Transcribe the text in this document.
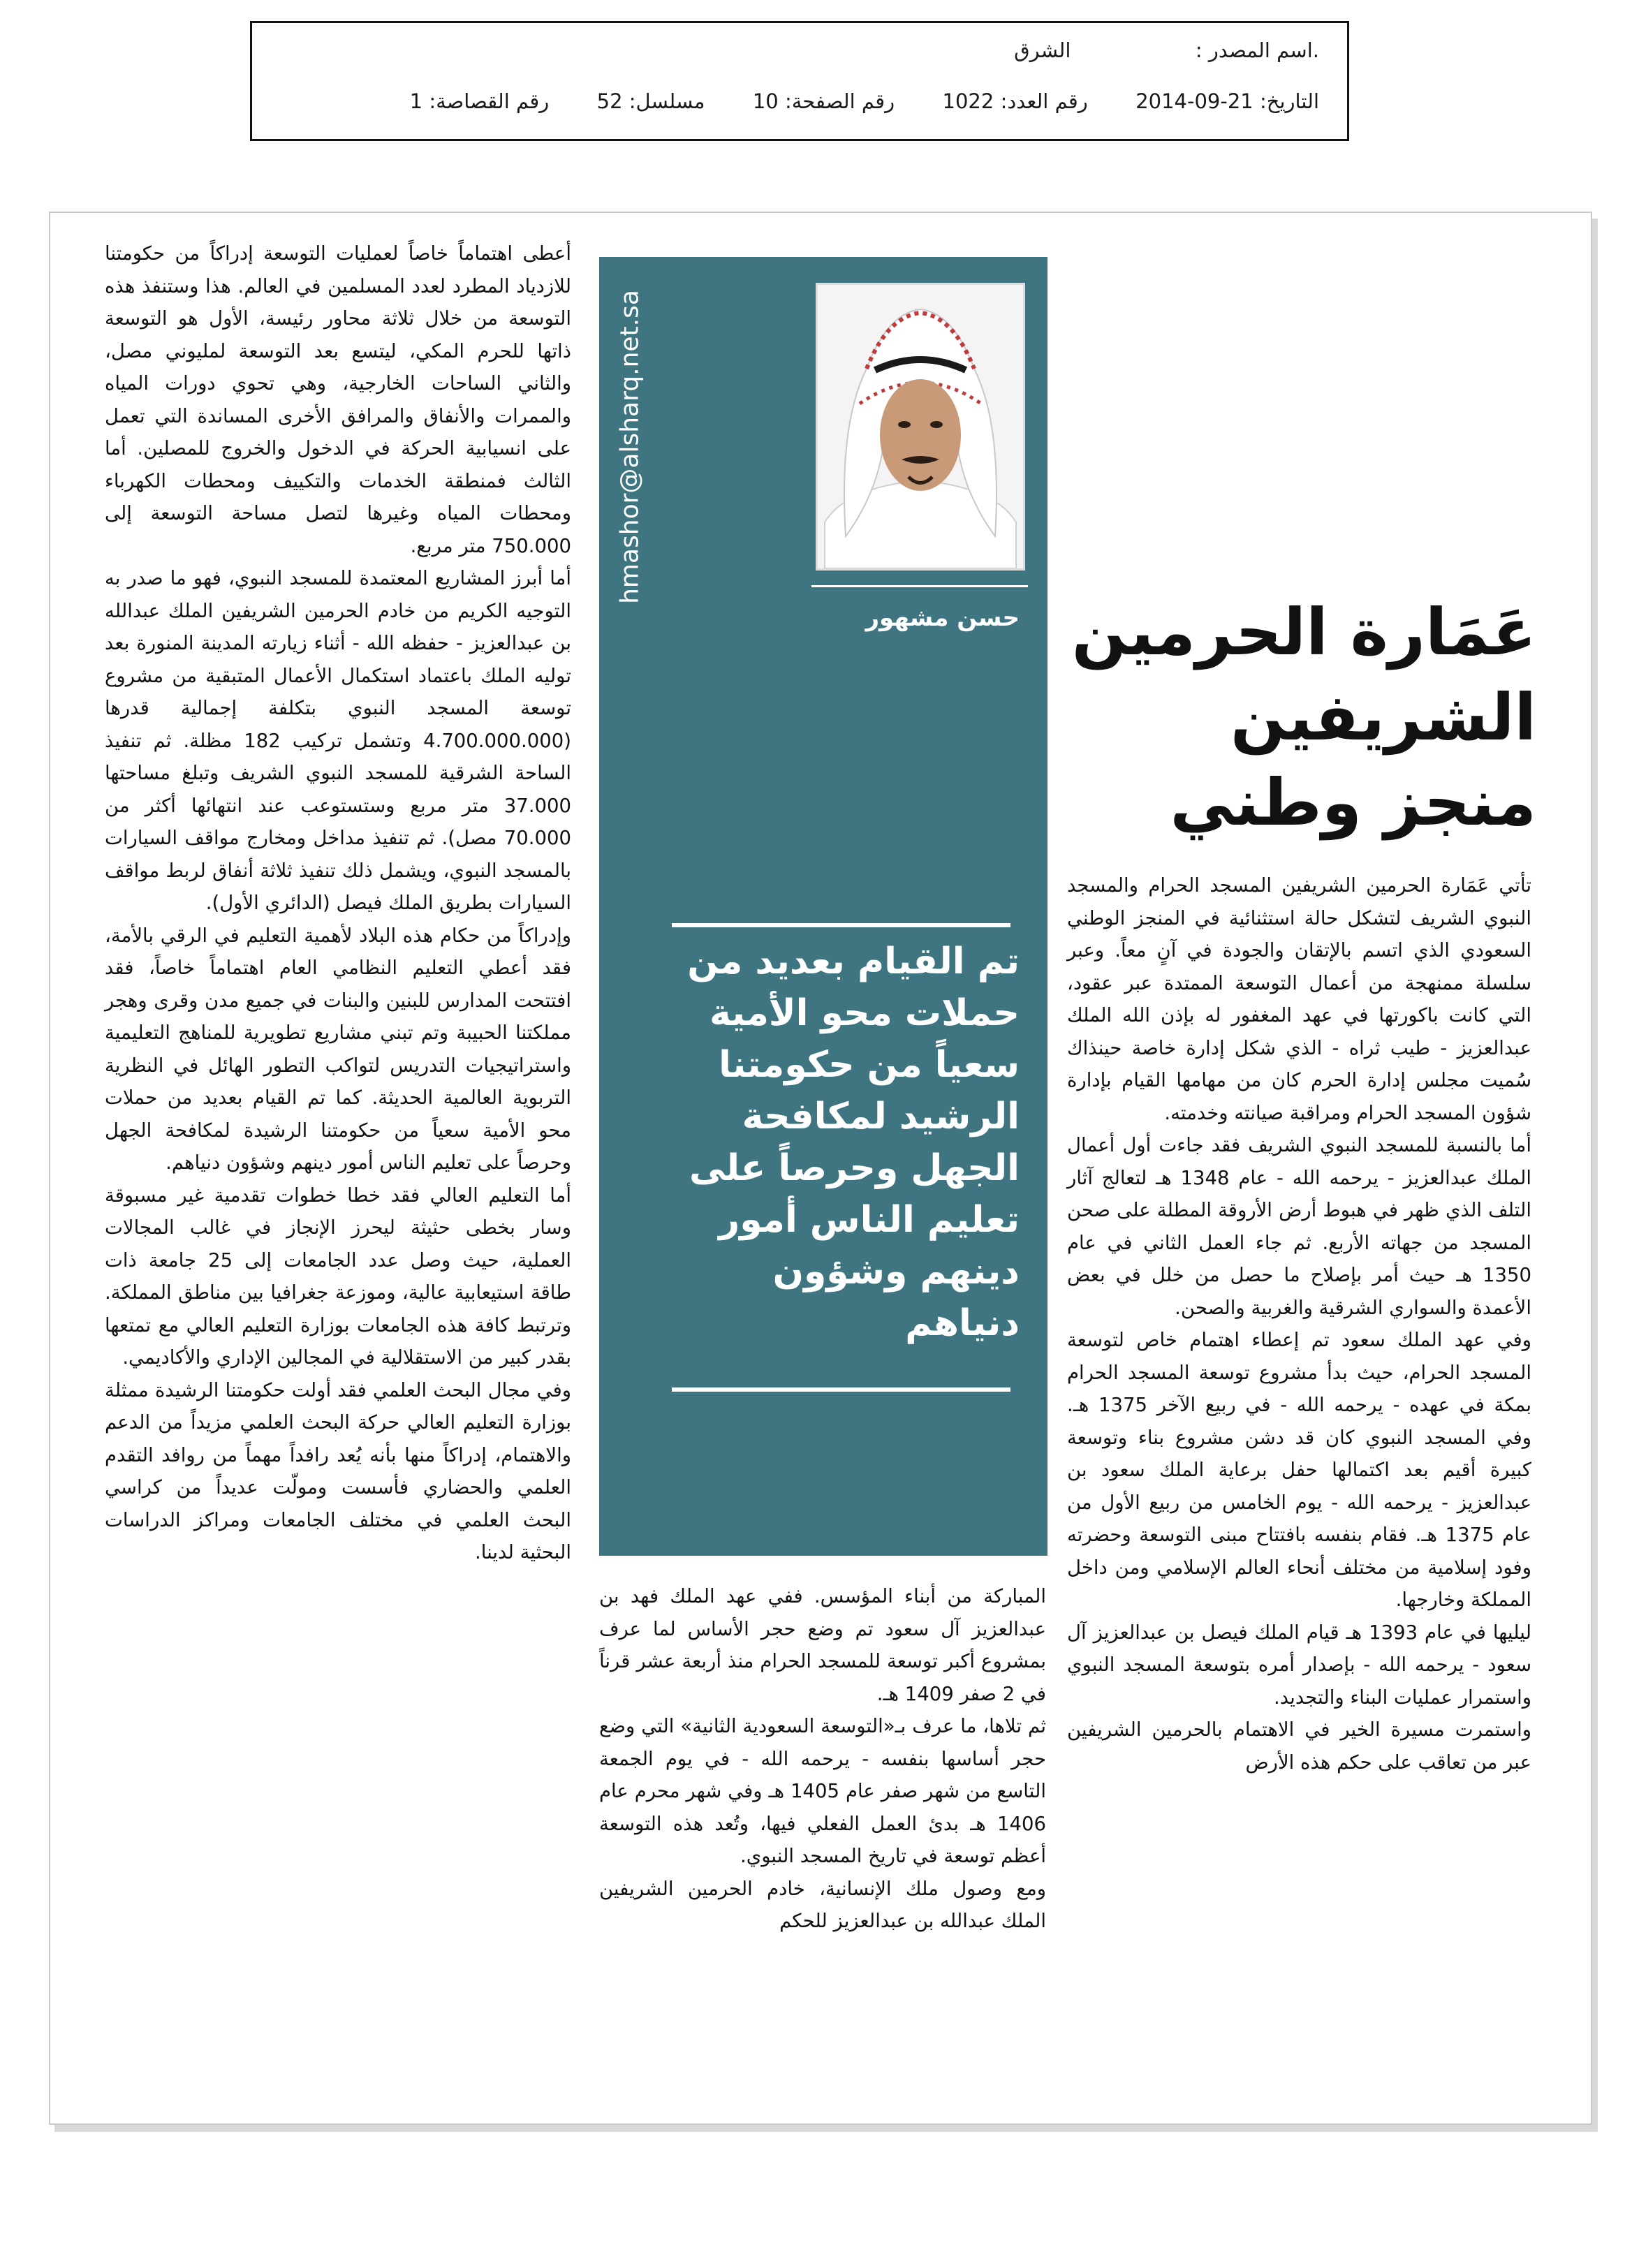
.اسم المصدر :  الشرق
التاريخ: 2014-09-21  رقم العدد: 1022  رقم الصفحة: 10  مسلسل: 52  رقم القصاصة: 1
عَمَارة الحرمين
الشريفين
منجز وطني
حسن مشهور
hmashor@alsharq.net.sa
تم القيام بعديد من
حملات محو الأمية
سعياً من حكومتنا
الرشيد لمكافحة
الجهل وحرصاً على
تعليم الناس أمور
دينهم وشؤون
دنياهم

تأتي عَمَارة الحرمين الشريفين المسجد الحرام والمسجد النبوي الشريف لتشكل حالة استثنائية في المنجز الوطني السعودي الذي اتسم بالإتقان والجودة في آنٍ معاً. وعبر سلسلة ممنهجة من أعمال التوسعة الممتدة عبر عقود، التي كانت باكورتها في عهد المغفور له بإذن الله الملك عبدالعزيز - طيب ثراه - الذي شكل إدارة خاصة حينذاك سُميت مجلس إدارة الحرم كان من مهامها القيام بإدارة شؤون المسجد الحرام ومراقبة صيانته وخدمته.

أما بالنسبة للمسجد النبوي الشريف فقد جاءت أول أعمال الملك عبدالعزيز - يرحمه الله - عام 1348 هـ لتعالج آثار التلف الذي ظهر في هبوط أرض الأروقة المطلة على صحن المسجد من جهاته الأربع. ثم جاء العمل الثاني في عام 1350 هـ حيث أمر بإصلاح ما حصل من خلل في بعض الأعمدة والسواري الشرقية والغربية والصحن.

وفي عهد الملك سعود تم إعطاء اهتمام خاص لتوسعة المسجد الحرام، حيث بدأ مشروع توسعة المسجد الحرام بمكة في عهده - يرحمه الله - في ربيع الآخر 1375 هـ. وفي المسجد النبوي كان قد دشن مشروع بناء وتوسعة كبيرة أقيم بعد اكتمالها حفل برعاية الملك سعود بن عبدالعزيز - يرحمه الله - يوم الخامس من ربيع الأول من عام 1375 هـ. فقام بنفسه بافتتاح مبنى التوسعة وحضرته وفود إسلامية من مختلف أنحاء العالم الإسلامي ومن داخل المملكة وخارجها.

ليليها في عام 1393 هـ قيام الملك فيصل بن عبدالعزيز آل سعود - يرحمه الله - بإصدار أمره بتوسعة المسجد النبوي واستمرار عمليات البناء والتجديد.

واستمرت مسيرة الخير في الاهتمام بالحرمين الشريفين عبر من تعاقب على حكم هذه الأرض

المباركة من أبناء المؤسس. ففي عهد الملك فهد بن عبدالعزيز آل سعود تم وضع حجر الأساس لما عرف بمشروع أكبر توسعة للمسجد الحرام منذ أربعة عشر قرناً في 2 صفر 1409 هـ.

ثم تلاها، ما عرف بـ«التوسعة السعودية الثانية» التي وضع حجر أساسها بنفسه - يرحمه الله - في يوم الجمعة التاسع من شهر صفر عام 1405 هـ وفي شهر محرم عام 1406 هـ بدئ العمل الفعلي فيها، وتُعد هذه التوسعة أعظم توسعة في تاريخ المسجد النبوي.

ومع وصول ملك الإنسانية، خادم الحرمين الشريفين الملك عبدالله بن عبدالعزيز للحكم

أعطى اهتماماً خاصاً لعمليات التوسعة إدراكاً من حكومتنا للازدياد المطرد لعدد المسلمين في العالم. هذا وستنفذ هذه التوسعة من خلال ثلاثة محاور رئيسة، الأول هو التوسعة ذاتها للحرم المكي، ليتسع بعد التوسعة لمليوني مصل، والثاني الساحات الخارجية، وهي تحوي دورات المياه والممرات والأنفاق والمرافق الأخرى المساندة التي تعمل على انسيابية الحركة في الدخول والخروج للمصلين. أما الثالث فمنطقة الخدمات والتكييف ومحطات الكهرباء ومحطات المياه وغيرها لتصل مساحة التوسعة إلى 750.000 متر مربع.

أما أبرز المشاريع المعتمدة للمسجد النبوي، فهو ما صدر به التوجيه الكريم من خادم الحرمين الشريفين الملك عبدالله بن عبدالعزيز - حفظه الله - أثناء زيارته المدينة المنورة بعد توليه الملك باعتماد استكمال الأعمال المتبقية من مشروع توسعة المسجد النبوي بتكلفة إجمالية قدرها (4.700.000.000 وتشمل تركيب 182 مظلة. ثم تنفيذ الساحة الشرقية للمسجد النبوي الشريف وتبلغ مساحتها 37.000 متر مربع وستستوعب عند انتهائها أكثر من 70.000 مصل). ثم تنفيذ مداخل ومخارج مواقف السيارات بالمسجد النبوي، ويشمل ذلك تنفيذ ثلاثة أنفاق لربط مواقف السيارات بطريق الملك فيصل (الدائري الأول).

وإدراكاً من حكام هذه البلاد لأهمية التعليم في الرقي بالأمة، فقد أعطي التعليم النظامي العام اهتماماً خاصاً، فقد افتتحت المدارس للبنين والبنات في جميع مدن وقرى وهجر مملكتنا الحبيبة وتم تبني مشاريع تطويرية للمناهج التعليمية واستراتيجيات التدريس لتواكب التطور الهائل في النظرية التربوية العالمية الحديثة. كما تم القيام بعديد من حملات محو الأمية سعياً من حكومتنا الرشيدة لمكافحة الجهل وحرصاً على تعليم الناس أمور دينهم وشؤون دنياهم.

أما التعليم العالي فقد خطا خطوات تقدمية غير مسبوقة وسار بخطى حثيثة ليحرز الإنجاز في غالب المجالات العملية، حيث وصل عدد الجامعات إلى 25 جامعة ذات طاقة استيعابية عالية، وموزعة جغرافيا بين مناطق المملكة. وترتبط كافة هذه الجامعات بوزارة التعليم العالي مع تمتعها بقدر كبير من الاستقلالية في المجالين الإداري والأكاديمي.

وفي مجال البحث العلمي فقد أولت حكومتنا الرشيدة ممثلة بوزارة التعليم العالي حركة البحث العلمي مزيداً من الدعم والاهتمام، إدراكاً منها بأنه يُعد رافداً مهماً من روافد التقدم العلمي والحضاري فأسست ومولّت عديداً من كراسي البحث العلمي في مختلف الجامعات ومراكز الدراسات البحثية لدينا.
